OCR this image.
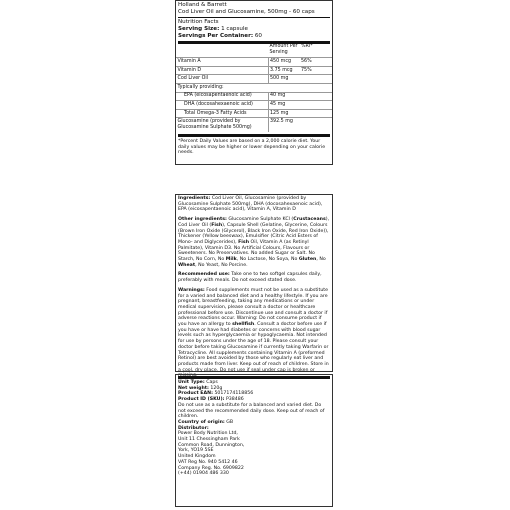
Holland & Barrett
Cod Liver Oil and Glucosamine, 500mg - 60 caps
Nutrition Facts
Serving Size: 1 capsule
Servings Per Container: 60
	Amount Per Serving	%RI*
Vitamin A	450 mcg	56%
Vitamin D	3.75 mcg	75%
Cod Liver Oil	500 mg	
Typically providing:		
EPA (eicosapentaenoic acid)	40 mg	
DHA (docosahexaenoic acid)	45 mg	
Total Omega-3 Fatty Acids	125 mg	
Glucosamine (provided by Glucosamine Sulphate 500mg)	392.5 mg	

*Percent Daily Values are based on a 2,000 calorie diet. Your daily values may be higher or lower depending on your calorie needs.

Ingredients: Cod Liver Oil, Glucosamine (provided by Glucosamine Sulphate 500mg), DHA (docosahexaenoic acid), EPA (eicosapentaenoic acid), Vitamin A, Vitamin D

Other ingredients: Glucosamine Sulphate KCl (Crustaceans), Cod Liver Oil (Fish), Capsule Shell (Gelatine, Glycerine, Colours (Brown Iron Oxide (Glycerol), Black Iron Oxide, Red Iron Oxide)), Thickener (Yellow beeswax), Emulsifier (Citric Acid Esters of Mono- and Diglycerides), Fish Oil, Vitamin A (as Retinyl Palmitate), Vitamin D3. No Artificial Colours, Flavours or Sweeteners. No Preservatives. No added Sugar or Salt. No Starch, No Corn, No Milk, No Lactose, No Soya, No Gluten, No Wheat, No Yeast, No Porcine.

Recommended use: Take one to two softgel capsules daily, preferably with meals. Do not exceed stated dose.

Warnings: Food supplements must not be used as a substitute for a varied and balanced diet and a healthy lifestyle. If you are pregnant, breastfeeding, taking any medications or under medical supervision, please consult a doctor or healthcare professional before use. Discontinue use and consult a doctor if adverse reactions occur. Warning: Do not consume product if you have an allergy to shellfish. Consult a doctor before use if you have or have had diabetes or concerns with blood sugar levels such as hyperglycaemia or hypoglycaemia. Not intended for use by persons under the age of 18. Please consult your doctor before taking Glucosamine if currently taking Warfarin or Tetracycline. All supplements containing Vitamin A (preformed Retinol) are best avoided by those who regularly eat liver and products made from liver. Keep out of reach of children. Store in a cool, dry place. Do not use if seal under cap is broken or

Unit Type: Caps
Net weight: 120g
Product EAN: 5017174118856
Product ID (SKU): P38486
Do not use as a substitute for a balanced and varied diet. Do not exceed the recommended daily dose. Keep out of reach of children.
Country of origin: GB
Distributor:
Power Body Nutrition Ltd,
Unit 11 Chessingham Park
Common Road, Dunnington,
York, YO19 5SE
United Kingdom
VAT Reg No. 940 5412 46
Company Reg. No. 6909822
(+44) 01904 486 330
